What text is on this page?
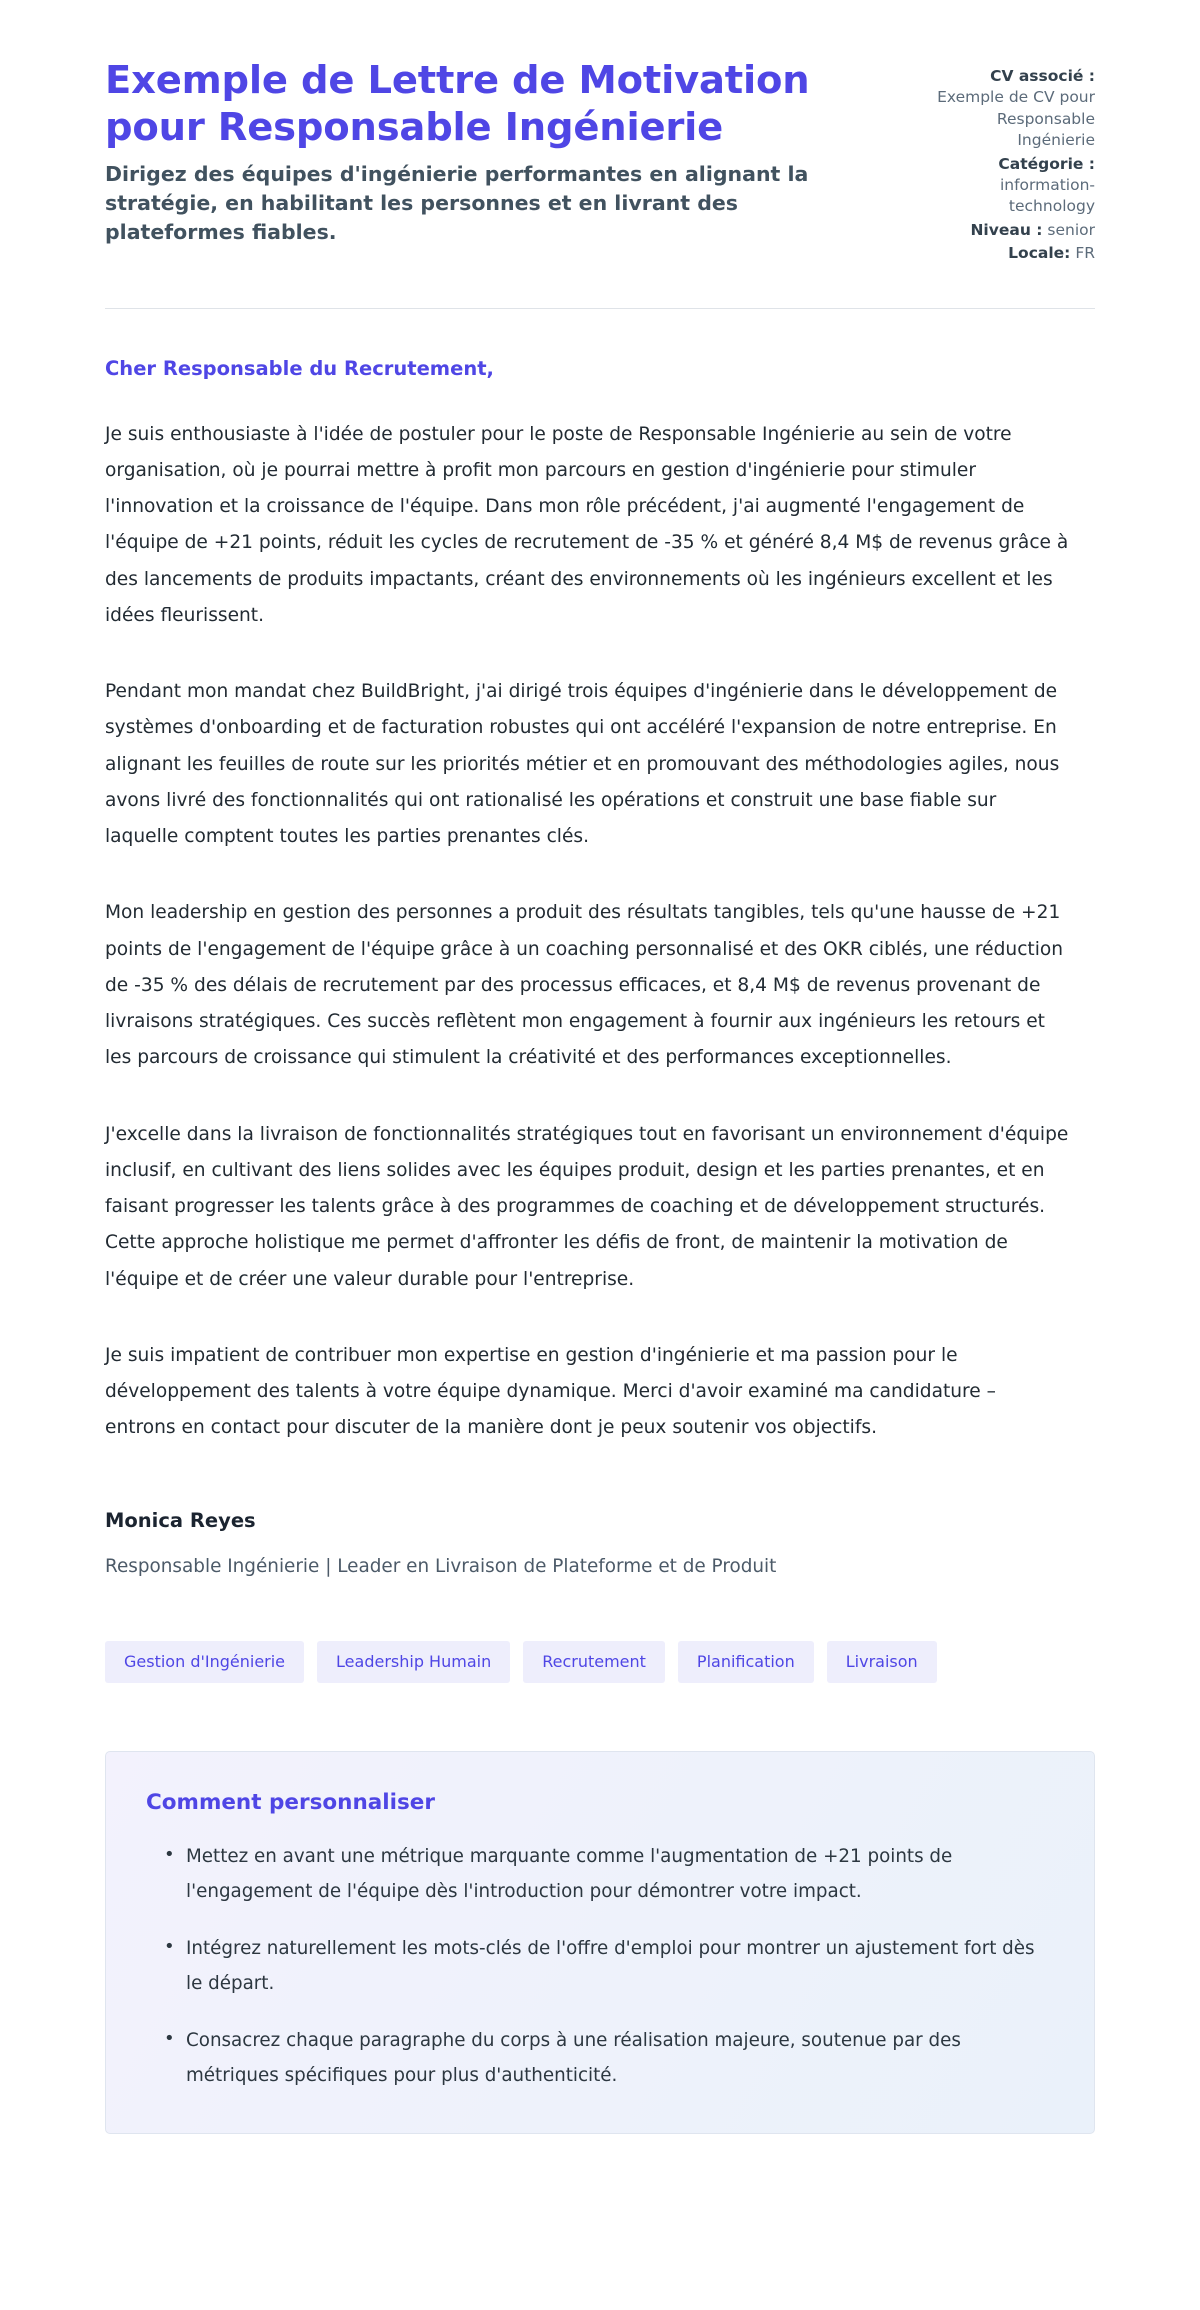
Exemple de Lettre de Motivation pour Responsable Ingénierie

Dirigez des équipes d'ingénierie performantes en alignant la stratégie, en habilitant les personnes et en livrant des plateformes fiables.

CV associé :
Exemple de CV pour Responsable Ingénierie
Catégorie :
information-technology
Niveau : senior
Locale: FR

Cher Responsable du Recrutement,

Je suis enthousiaste à l'idée de postuler pour le poste de Responsable Ingénierie au sein de votre organisation, où je pourrai mettre à profit mon parcours en gestion d'ingénierie pour stimuler l'innovation et la croissance de l'équipe. Dans mon rôle précédent, j'ai augmenté l'engagement de l'équipe de +21 points, réduit les cycles de recrutement de -35 % et généré 8,4 M$ de revenus grâce à des lancements de produits impactants, créant des environnements où les ingénieurs excellent et les idées fleurissent.

Pendant mon mandat chez BuildBright, j'ai dirigé trois équipes d'ingénierie dans le développement de systèmes d'onboarding et de facturation robustes qui ont accéléré l'expansion de notre entreprise. En alignant les feuilles de route sur les priorités métier et en promouvant des méthodologies agiles, nous avons livré des fonctionnalités qui ont rationalisé les opérations et construit une base fiable sur laquelle comptent toutes les parties prenantes clés.

Mon leadership en gestion des personnes a produit des résultats tangibles, tels qu'une hausse de +21 points de l'engagement de l'équipe grâce à un coaching personnalisé et des OKR ciblés, une réduction de -35 % des délais de recrutement par des processus efficaces, et 8,4 M$ de revenus provenant de livraisons stratégiques. Ces succès reflètent mon engagement à fournir aux ingénieurs les retours et les parcours de croissance qui stimulent la créativité et des performances exceptionnelles.

J'excelle dans la livraison de fonctionnalités stratégiques tout en favorisant un environnement d'équipe inclusif, en cultivant des liens solides avec les équipes produit, design et les parties prenantes, et en faisant progresser les talents grâce à des programmes de coaching et de développement structurés. Cette approche holistique me permet d'affronter les défis de front, de maintenir la motivation de l'équipe et de créer une valeur durable pour l'entreprise.

Je suis impatient de contribuer mon expertise en gestion d'ingénierie et ma passion pour le développement des talents à votre équipe dynamique. Merci d'avoir examiné ma candidature – entrons en contact pour discuter de la manière dont je peux soutenir vos objectifs.

Monica Reyes

Responsable Ingénierie | Leader en Livraison de Plateforme et de Produit

Gestion d'Ingénierie	Leadership Humain	Recrutement	Planification	Livraison
Comment personnaliser
• Mettez en avant une métrique marquante comme l'augmentation de +21 points de l'engagement de l'équipe dès l'introduction pour démontrer votre impact.
• Intégrez naturellement les mots-clés de l'offre d'emploi pour montrer un ajustement fort dès le départ.
• Consacrez chaque paragraphe du corps à une réalisation majeure, soutenue par des métriques spécifiques pour plus d'authenticité.
